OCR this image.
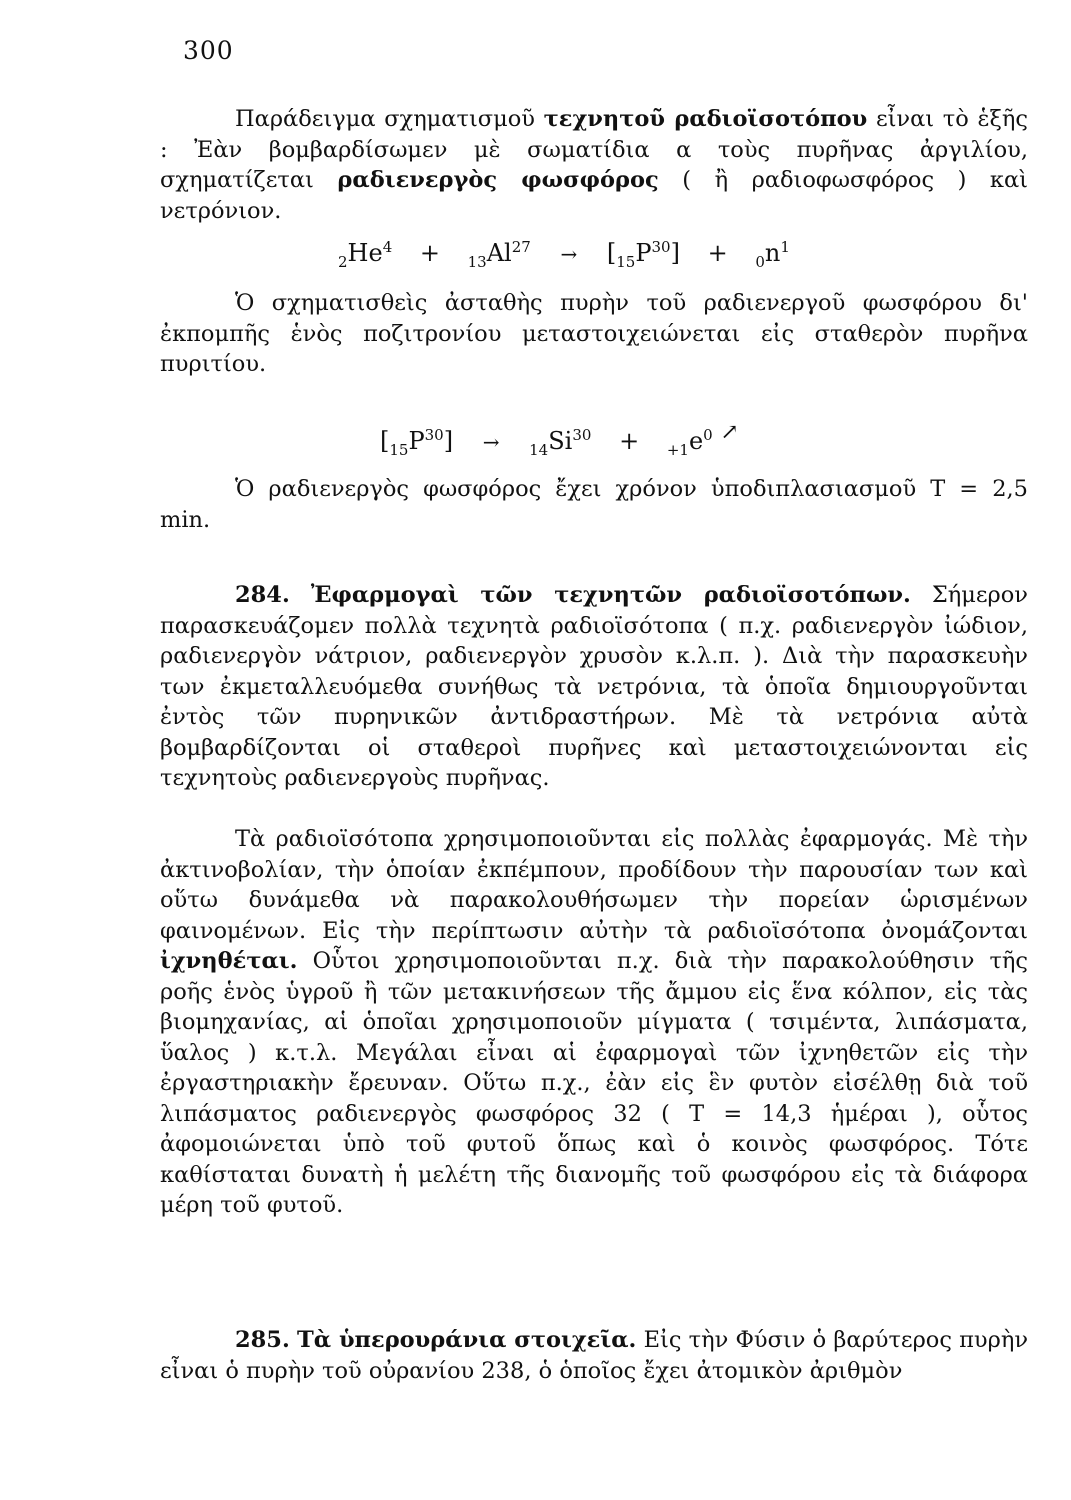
300

Παράδειγμα σχηματισμοῦ τεχνητοῦ ραδιοϊσοτόπου εἶναι τὸ ἑξῆς : Ἐὰν βομβαρδίσωμεν μὲ σωματίδια α τοὺς πυρῆνας ἀργιλίου, σχηματίζεται ραδιενεργὸς φωσφόρος ( ἢ ραδιοφωσφόρος ) καὶ νετρόνιον.

$_2He^4 + _{13}Al^{27} \to [_{15}P^{30}] + _0n^1$

Ὁ σχηματισθεὶς ἀσταθὴς πυρὴν τοῦ ραδιενεργοῦ φωσφόρου δι' ἐκπομπῆς ἑνὸς ποζιτρονίου μεταστοιχειώνεται εἰς σταθερὸν πυρῆνα πυριτίου.

$[_{15}P^{30}] \to _{14}Si^{30} + _{+1}e^0$ ↗

Ὁ ραδιενεργὸς φωσφόρος ἔχει χρόνον ὑποδιπλασιασμοῦ T = 2,5 min.

284. Ἐφαρμογαὶ τῶν τεχνητῶν ραδιοϊσοτόπων. Σήμερον παρασκευάζομεν πολλὰ τεχνητὰ ραδιοϊσότοπα ( π.χ. ραδιενεργὸν ἰώδιον, ραδιενεργὸν νάτριον, ραδιενεργὸν χρυσὸν κ.λ.π. ). Διὰ τὴν παρασκευὴν των ἐκμεταλλευόμεθα συνήθως τὰ νετρόνια, τὰ ὁποῖα δημιουργοῦνται ἐντὸς τῶν πυρηνικῶν ἀντιδραστήρων. Μὲ τὰ νετρόνια αὐτὰ βομβαρδίζονται οἱ σταθεροὶ πυρῆνες καὶ μεταστοιχειώνονται εἰς τεχνητοὺς ραδιενεργοὺς πυρῆνας.

Τὰ ραδιοϊσότοπα χρησιμοποιοῦνται εἰς πολλὰς ἐφαρμογάς. Μὲ τὴν ἀκτινοβολίαν, τὴν ὁποίαν ἐκπέμπουν, προδίδουν τὴν παρουσίαν των καὶ οὕτω δυνάμεθα νὰ παρακολουθήσωμεν τὴν πορείαν ὡρισμένων φαινομένων. Εἰς τὴν περίπτωσιν αὐτὴν τὰ ραδιοϊσότοπα ὀνομάζονται ἰχνηθέται. Οὗτοι χρησιμοποιοῦνται π.χ. διὰ τὴν παρακολούθησιν τῆς ροῆς ἑνὸς ὑγροῦ ἢ τῶν μετακινήσεων τῆς ἄμμου εἰς ἕνα κόλπον, εἰς τὰς βιομηχανίας, αἱ ὁποῖαι χρησιμοποιοῦν μίγματα ( τσιμέντα, λιπάσματα, ὕαλος ) κ.τ.λ. Μεγάλαι εἶναι αἱ ἐφαρμογαὶ τῶν ἰχνηθετῶν εἰς τὴν ἐργαστηριακὴν ἔρευναν. Οὕτω π.χ., ἐὰν εἰς ἓν φυτὸν εἰσέλθῃ διὰ τοῦ λιπάσματος ραδιενεργὸς φωσφόρος 32 ( T = 14,3 ἡμέραι ), οὗτος ἀφομοιώνεται ὑπὸ τοῦ φυτοῦ ὅπως καὶ ὁ κοινὸς φωσφόρος. Τότε καθίσταται δυνατὴ ἡ μελέτη τῆς διανομῆς τοῦ φωσφόρου εἰς τὰ διάφορα μέρη τοῦ φυτοῦ.

285. Τὰ ὑπερουράνια στοιχεῖα. Εἰς τὴν Φύσιν ὁ βαρύτερος πυρὴν εἶναι ὁ πυρὴν τοῦ οὐρανίου 238, ὁ ὁποῖος ἔχει ἀτομικὸν ἀριθμὸν
